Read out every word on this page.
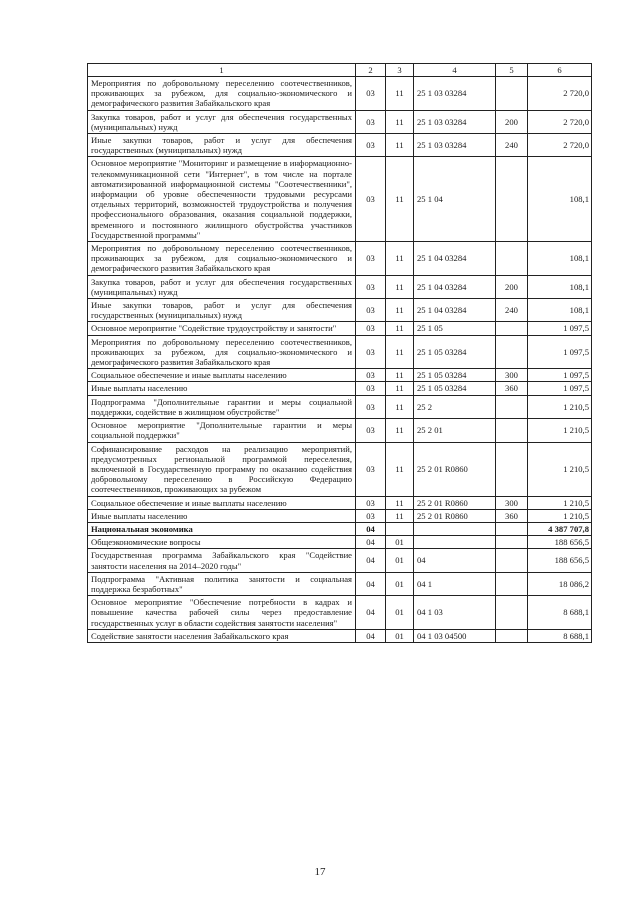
1	2	3	4	5	6
Мероприятия по добровольному переселению соотечественников, проживающих за рубежом, для социально-экономического и демографического развития Забайкальского края	03	11	25 1 03 03284		2 720,0
Закупка товаров, работ и услуг для обеспечения государственных (муниципальных) нужд	03	11	25 1 03 03284	200	2 720,0
Иные закупки товаров, работ и услуг для обеспечения государственных (муниципальных) нужд	03	11	25 1 03 03284	240	2 720,0
Основное мероприятие "Мониторинг и размещение в информационно-телекоммуникационной сети "Интернет", в том числе на портале автоматизированной информационной системы "Соотечественники", информации об уровне обеспеченности трудовыми ресурсами отдельных территорий, возможностей трудоустройства и получения профессионального образования, оказания социальной поддержки, временного и постоянного жилищного обустройства участников Государственной программы"	03	11	25 1 04		108,1
Мероприятия по добровольному переселению соотечественников, проживающих за рубежом, для социально-экономического и демографического развития Забайкальского края	03	11	25 1 04 03284		108,1
Закупка товаров, работ и услуг для обеспечения государственных (муниципальных) нужд	03	11	25 1 04 03284	200	108,1
Иные закупки товаров, работ и услуг для обеспечения государственных (муниципальных) нужд	03	11	25 1 04 03284	240	108,1
Основное мероприятие "Содействие трудоустройству и занятости"	03	11	25 1 05		1 097,5
Мероприятия по добровольному переселению соотечественников, проживающих за рубежом, для социально-экономического и демографического развития Забайкальского края	03	11	25 1 05 03284		1 097,5
Социальное обеспечение и иные выплаты населению	03	11	25 1 05 03284	300	1 097,5
Иные выплаты населению	03	11	25 1 05 03284	360	1 097,5
Подпрограмма "Дополнительные гарантии и меры социальной поддержки, содействие в жилищном обустройстве"	03	11	25 2		1 210,5
Основное мероприятие "Дополнительные гарантии и меры социальной поддержки"	03	11	25 2 01		1 210,5
Софинансирование расходов на реализацию мероприятий, предусмотренных региональной программой переселения, включенной в Государственную программу по оказанию содействия добровольному переселению в Российскую Федерацию соотечественников, проживающих за рубежом	03	11	25 2 01 R0860		1 210,5
Социальное обеспечение и иные выплаты населению	03	11	25 2 01 R0860	300	1 210,5
Иные выплаты населению	03	11	25 2 01 R0860	360	1 210,5
Национальная экономика	04				4 387 707,8
Общеэкономические вопросы	04	01			188 656,5
Государственная программа Забайкальского края "Содействие занятости населения на 2014–2020 годы"	04	01	04		188 656,5
Подпрограмма "Активная политика занятости и социальная поддержка безработных"	04	01	04 1		18 086,2
Основное мероприятие "Обеспечение потребности в кадрах и повышение качества рабочей силы через предоставление государственных услуг в области содействия занятости населения"	04	01	04 1 03		8 688,1
Содействие занятости населения Забайкальского края	04	01	04 1 03 04500		8 688,1
17
